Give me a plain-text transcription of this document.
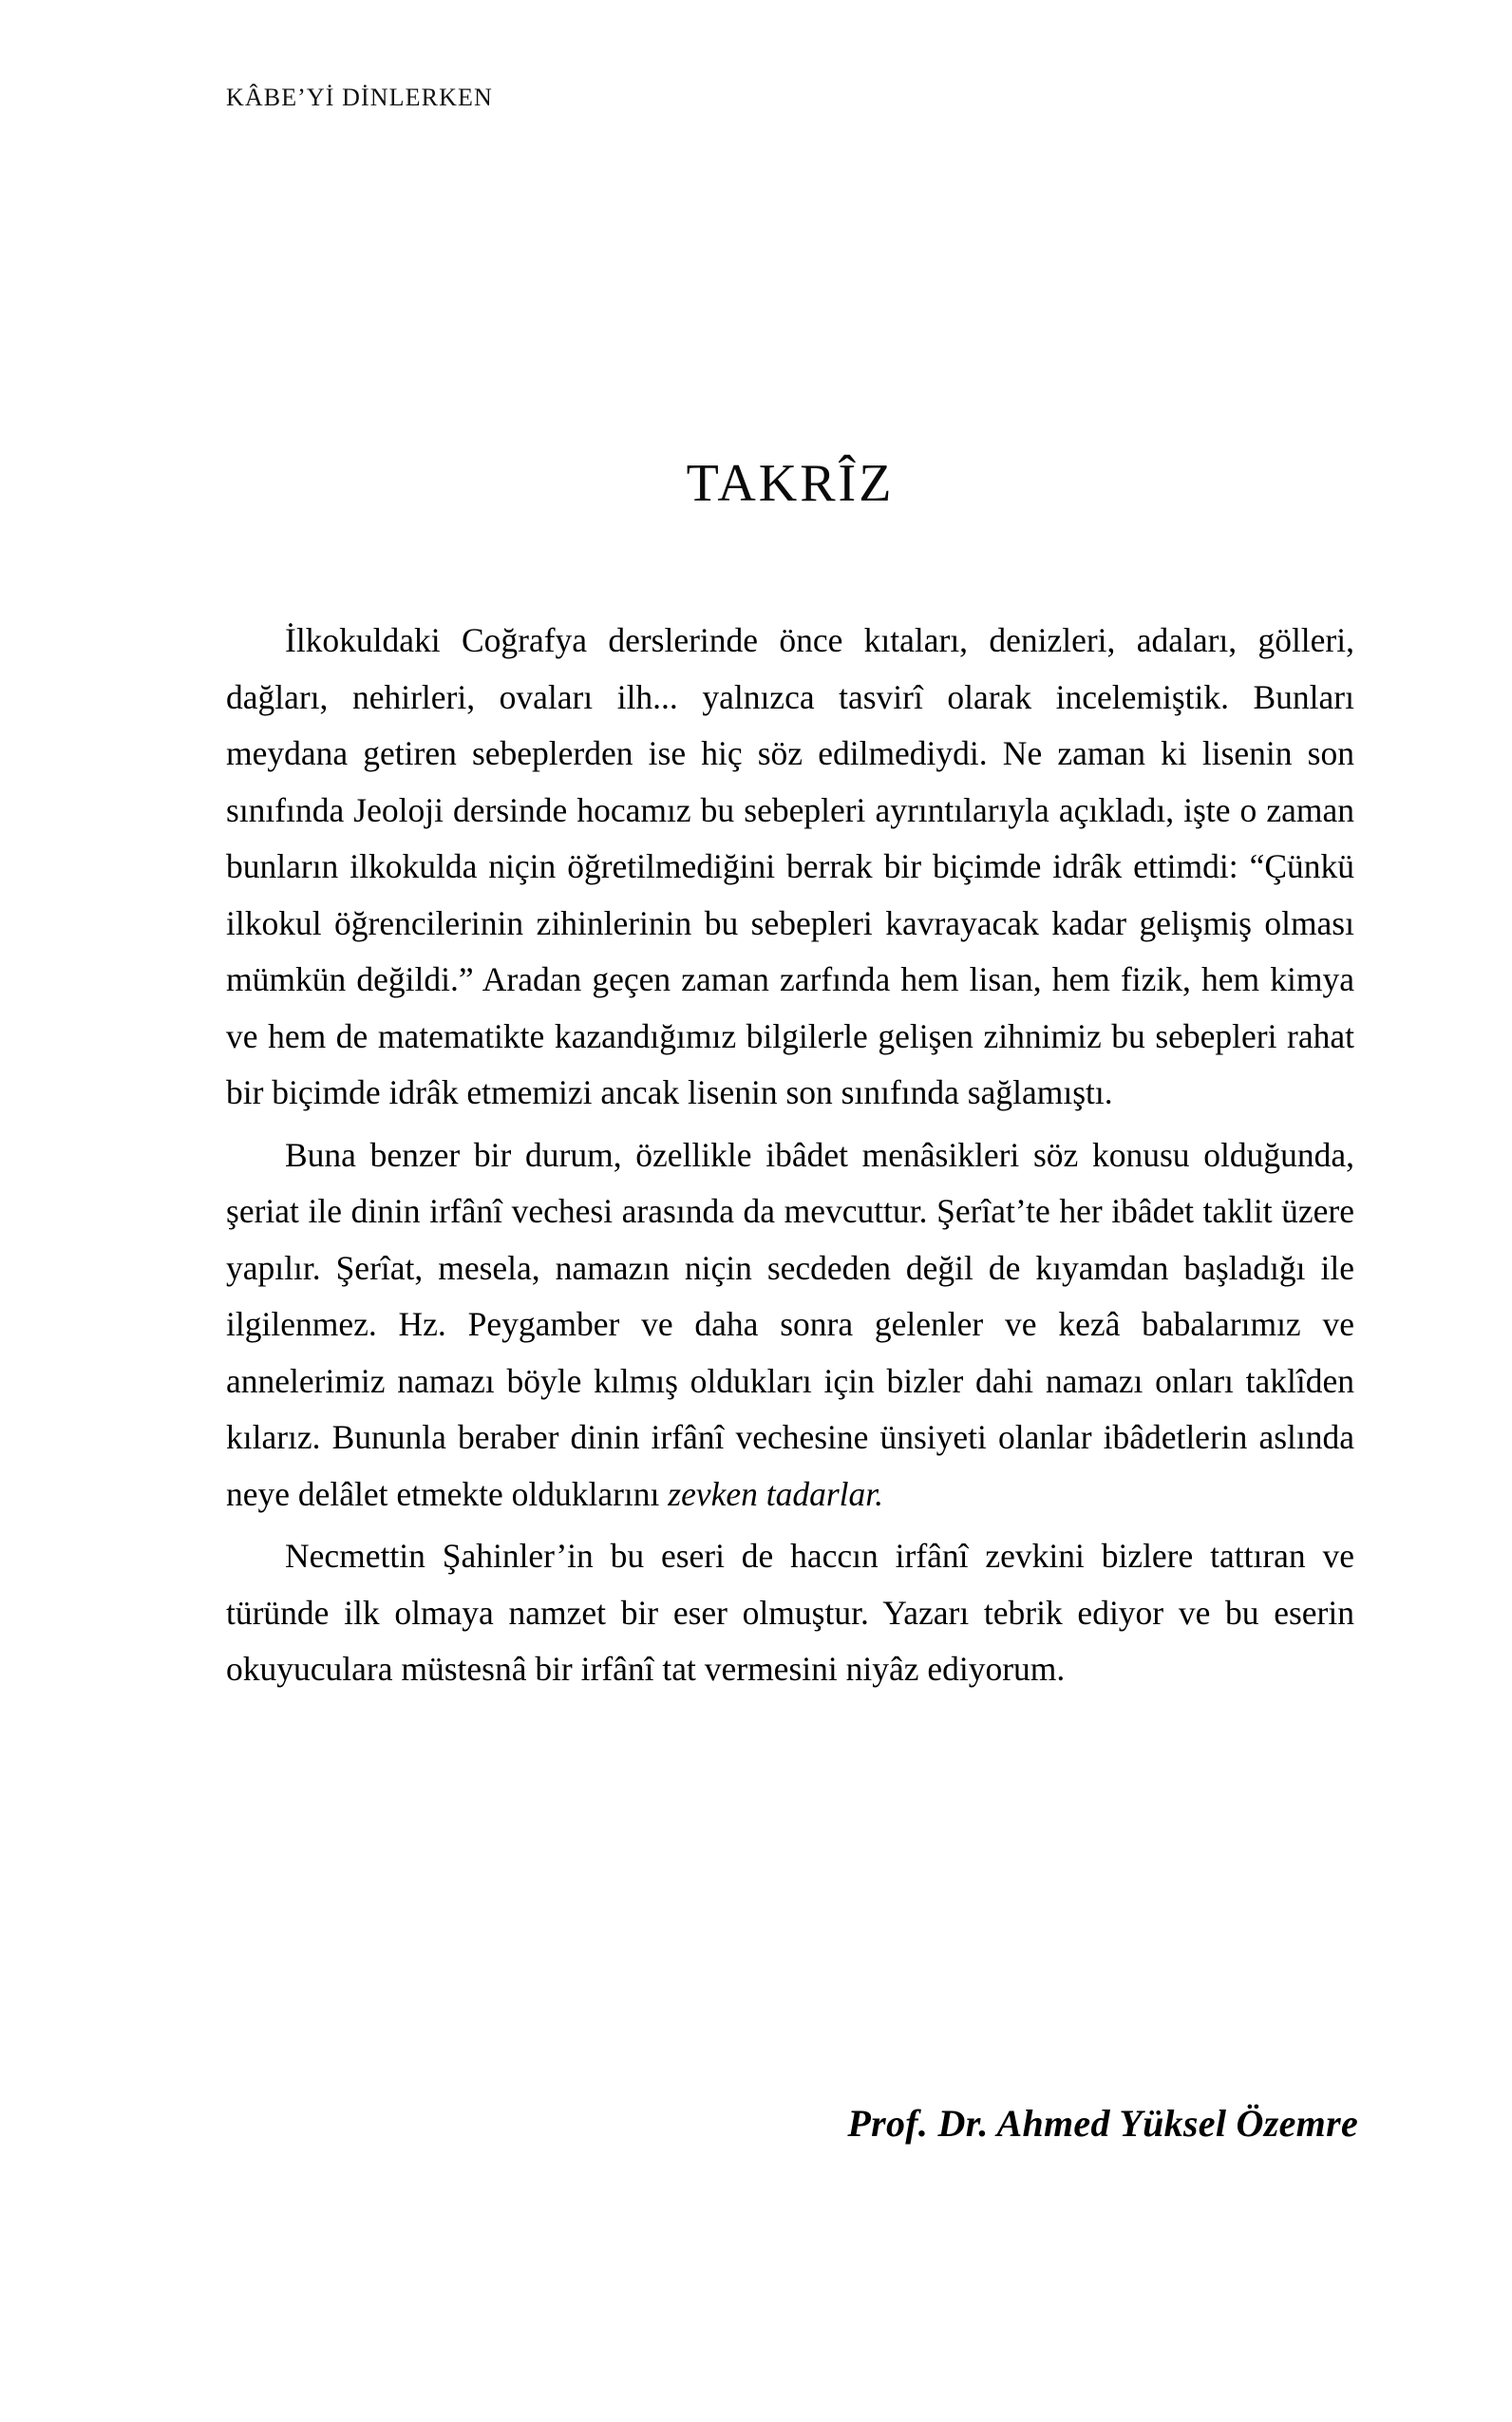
KÂBE’Yİ DİNLERKEN
TAKRÎZ

İlkokuldaki Coğrafya derslerinde önce kıtaları, denizleri, adaları, gölleri, dağları, nehirleri, ovaları ilh... yalnızca tasvirî olarak incelemiştik. Bunları meydana getiren sebeplerden ise hiç söz edilmediydi. Ne zaman ki lisenin son sınıfında Jeoloji dersinde hocamız bu sebepleri ayrıntılarıyla açıkladı, işte o zaman bunların ilkokulda niçin öğretilmediğini berrak bir biçimde idrâk ettimdi: “Çünkü ilkokul öğrencilerinin zihinlerinin bu sebepleri kavrayacak kadar gelişmiş olması mümkün değildi.” Aradan geçen zaman zarfında hem lisan, hem fizik, hem kimya ve hem de matematikte kazandığımız bilgilerle gelişen zihnimiz bu sebepleri rahat bir biçimde idrâk etmemizi ancak lisenin son sınıfında sağlamıştı.

Buna benzer bir durum, özellikle ibâdet menâsikleri söz konusu olduğunda, şeriat ile dinin irfânî vechesi arasında da mevcuttur. Şerîat’te her ibâdet taklit üzere yapılır. Şerîat, mesela, namazın niçin secdeden değil de kıyamdan başladığı ile ilgilenmez. Hz. Peygamber ve daha sonra gelenler ve kezâ babalarımız ve annelerimiz namazı böyle kılmış oldukları için bizler dahi namazı onları taklîden kılarız. Bununla beraber dinin irfânî vechesine ünsiyeti olanlar ibâdetlerin aslında neye delâlet etmekte olduklarını zevken tadarlar.

Necmettin Şahinler’in bu eseri de haccın irfânî zevkini bizlere tattıran ve türünde ilk olmaya namzet bir eser olmuştur. Yazarı tebrik ediyor ve bu eserin okuyuculara müstesnâ bir irfânî tat vermesini niyâz ediyorum.

Prof. Dr. Ahmed Yüksel Özemre
